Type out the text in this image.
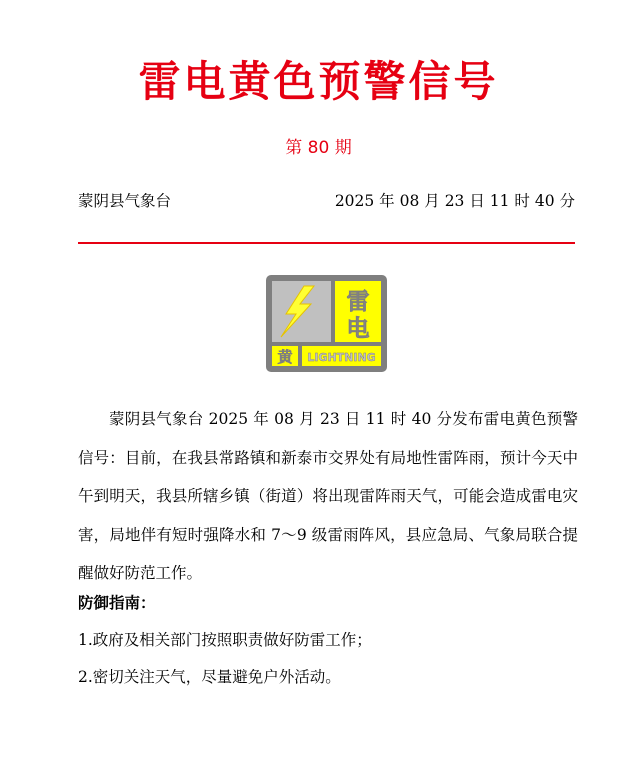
雷电黄色预警信号
第 80 期
蒙阴县气象台	2025 年 08 月 23 日 11 时 40 分
雷
电
黄 LIGHTNING

蒙阴县气象台 2025 年 08 月 23 日 11 时 40 分发布雷电黄色预警信号：目前，在我县常路镇和新泰市交界处有局地性雷阵雨，预计今天中午到明天，我县所辖乡镇（街道）将出现雷阵雨天气，可能会造成雷电灾害，局地伴有短时强降水和 7～9 级雷雨阵风，县应急局、气象局联合提醒做好防范工作。

防御指南：
1.政府及相关部门按照职责做好防雷工作；
2.密切关注天气，尽量避免户外活动。
